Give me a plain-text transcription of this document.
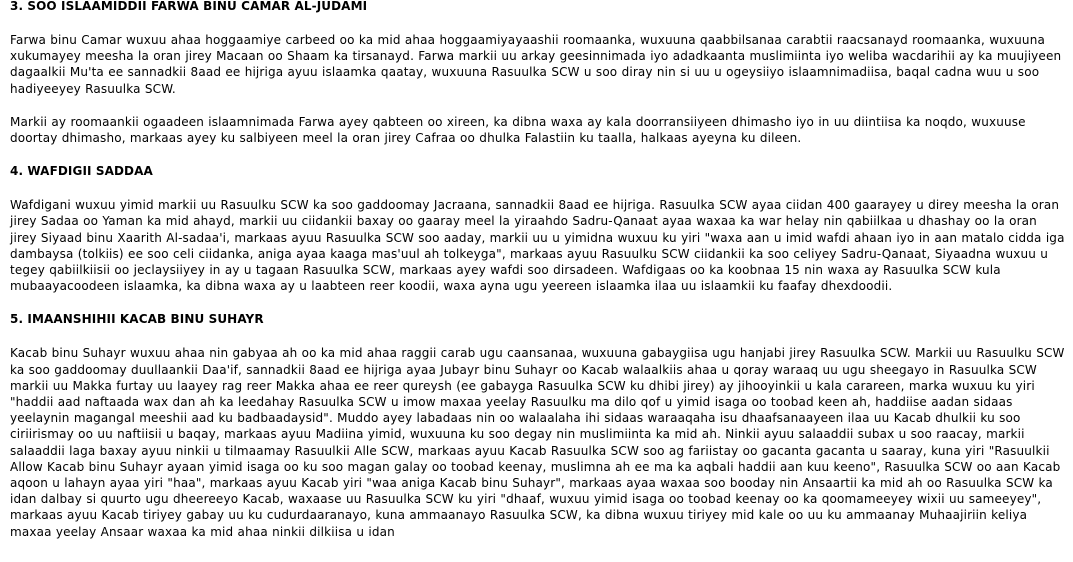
3. SOO ISLAAMIDDII FARWA BINU CAMAR AL-JUDAMI

Farwa binu Camar wuxuu ahaa hoggaamiye carbeed oo ka mid ahaa hoggaamiyayaashii roomaanka, wuxuuna qaabbilsanaa carabtii raacsanayd roomaanka, wuxuuna xukumayey meesha la oran jirey Macaan oo Shaam ka tirsanayd. Farwa markii uu arkay geesinnimada iyo adadkaanta muslimiinta iyo weliba wacdarihii ay ka muujiyeen dagaalkii Mu'ta ee sannadkii 8aad ee hijriga ayuu islaamka qaatay, wuxuuna Rasuulka SCW u soo diray nin si uu u ogeysiiyo islaamnimadiisa, baqal cadna wuu u soo hadiyeeyey Rasuulka SCW.

Markii ay roomaankii ogaadeen islaamnimada Farwa ayey qabteen oo xireen, ka dibna waxa ay kala doorransiiyeen dhimasho iyo in uu diintiisa ka noqdo, wuxuuse doortay dhimasho, markaas ayey ku salbiyeen meel la oran jirey Cafraa oo dhulka Falastiin ku taalla, halkaas ayeyna ku dileen.

4. WAFDIGII SADDAA

Wafdigani wuxuu yimid markii uu Rasuulku SCW ka soo gaddoomay Jacraana, sannadkii 8aad ee hijriga. Rasuulka SCW ayaa ciidan 400 gaarayey u direy meesha la oran jirey Sadaa oo Yaman ka mid ahayd, markii uu ciidankii baxay oo gaaray meel la yiraahdo Sadru-Qanaat ayaa waxaa ka war helay nin qabiilkaa u dhashay oo la oran jirey Siyaad binu Xaarith Al-sadaa'i, markaas ayuu Rasuulka SCW soo aaday, markii uu u yimidna wuxuu ku yiri "waxa aan u imid wafdi ahaan iyo in aan matalo cidda iga dambaysa (tolkiis) ee soo celi ciidanka, aniga ayaa kaaga mas'uul ah tolkeyga", markaas ayuu Rasuulku SCW ciidankii ka soo celiyey Sadru-Qanaat, Siyaadna wuxuu u tegey qabiilkiisii oo jeclaysiiyey in ay u tagaan Rasuulka SCW, markaas ayey wafdi soo dirsadeen. Wafdigaas oo ka koobnaa 15 nin waxa ay Rasuulka SCW kula mubaayacoodeen islaamka, ka dibna waxa ay u laabteen reer koodii, waxa ayna ugu yeereen islaamka ilaa uu islaamkii ku faafay dhexdoodii.

5. IMAANSHIHII KACAB BINU SUHAYR

Kacab binu Suhayr wuxuu ahaa nin gabyaa ah oo ka mid ahaa raggii carab ugu caansanaa, wuxuuna gabaygiisa ugu hanjabi jirey Rasuulka SCW. Markii uu Rasuulku SCW ka soo gaddoomay duullaankii Daa'if, sannadkii 8aad ee hijriga ayaa Jubayr binu Suhayr oo Kacab walaalkiis ahaa u qoray waraaq uu ugu sheegayo in Rasuulka SCW markii uu Makka furtay uu laayey rag reer Makka ahaa ee reer qureysh (ee gabayga Rasuulka SCW ku dhibi jirey) ay jihooyinkii u kala carareen, marka wuxuu ku yiri "haddii aad naftaada wax dan ah ka leedahay Rasuulka SCW u imow maxaa yeelay Rasuulku ma dilo qof u yimid isaga oo toobad keen ah, haddiise aadan sidaas yeelaynin magangal meeshii aad ku badbaadaysid". Muddo ayey labadaas nin oo walaalaha ihi sidaas waraaqaha isu dhaafsanaayeen ilaa uu Kacab dhulkii ku soo ciriirismay oo uu naftiisii u baqay, markaas ayuu Madiina yimid, wuxuuna ku soo degay nin muslimiinta ka mid ah. Ninkii ayuu salaaddii subax u soo raacay, markii salaaddii laga baxay ayuu ninkii u tilmaamay Rasuulkii Alle SCW, markaas ayuu Kacab Rasuulka SCW soo ag fariistay oo gacanta gacanta u saaray, kuna yiri "Rasuulkii Allow Kacab binu Suhayr ayaan yimid isaga oo ku soo magan galay oo toobad keenay, muslimna ah ee ma ka aqbali haddii aan kuu keeno", Rasuulka SCW oo aan Kacab aqoon u lahayn ayaa yiri "haa", markaas ayuu Kacab yiri "waa aniga Kacab binu Suhayr", markaas ayaa waxaa soo booday nin Ansaartii ka mid ah oo Rasuulka SCW ka idan dalbay si quurto ugu dheereeyo Kacab, waxaase uu Rasuulka SCW ku yiri "dhaaf, wuxuu yimid isaga oo toobad keenay oo ka qoomameeyey wixii uu sameeyey", markaas ayuu Kacab tiriyey gabay uu ku cudurdaaranayo, kuna ammaanayo Rasuulka SCW, ka dibna wuxuu tiriyey mid kale oo uu ku ammaanay Muhaajiriin keliya maxaa yeelay Ansaar waxaa ka mid ahaa ninkii dilkiisa u idan
